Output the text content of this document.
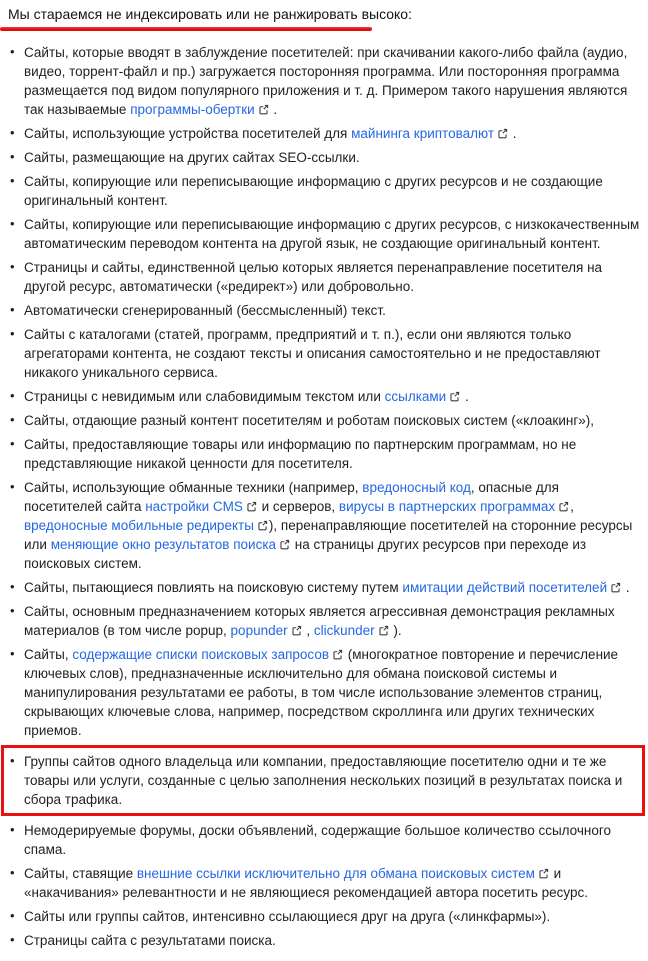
Мы стараемся не индексировать или не ранжировать высоко:
• Сайты, которые вводят в заблуждение посетителей: при скачивании какого-либо файла (аудио, видео, торрент-файл и пр.) загружается посторонняя программа. Или посторонняя программа размещается под видом популярного приложения и т. д. Примером такого нарушения являются так называемые программы-обертки .
• Сайты, использующие устройства посетителей для майнинга криптовалют .
• Сайты, размещающие на других сайтах SEO-ссылки.
• Сайты, копирующие или переписывающие информацию с других ресурсов и не создающие оригинальный контент.
• Сайты, копирующие или переписывающие информацию с других ресурсов, с низкокачественным автоматическим переводом контента на другой язык, не создающие оригинальный контент.
• Страницы и сайты, единственной целью которых является перенаправление посетителя на другой ресурс, автоматически («редирект») или добровольно.
• Автоматически сгенерированный (бессмысленный) текст.
• Сайты с каталогами (статей, программ, предприятий и т. п.), если они являются только агрегаторами контента, не создают тексты и описания самостоятельно и не предоставляют никакого уникального сервиса.
• Страницы с невидимым или слабовидимым текстом или ссылками .
• Сайты, отдающие разный контент посетителям и роботам поисковых систем («клоакинг»),
• Сайты, предоставляющие товары или информацию по партнерским программам, но не представляющие никакой ценности для посетителя.
• Сайты, использующие обманные техники (например, вредоносный код, опасные для посетителей сайта настройки CMS и серверов, вирусы в партнерских программах , вредоносные мобильные редиректы ), перенаправляющие посетителей на сторонние ресурсы или меняющие окно результатов поиска на страницы других ресурсов при переходе из поисковых систем.
• Сайты, пытающиеся повлиять на поисковую систему путем имитации действий посетителей .
• Сайты, основным предназначением которых является агрессивная демонстрация рекламных материалов (в том числе popup, popunder , clickunder ).
• Сайты, содержащие списки поисковых запросов (многократное повторение и перечисление ключевых слов), предназначенные исключительно для обмана поисковой системы и манипулирования результатами ее работы, в том числе использование элементов страниц, скрывающих ключевые слова, например, посредством скроллинга или других технических приемов.
• Группы сайтов одного владельца или компании, предоставляющие посетителю одни и те же товары или услуги, созданные с целью заполнения нескольких позиций в результатах поиска и сбора трафика.
• Немодерируемые форумы, доски объявлений, содержащие большое количество ссылочного спама.
• Сайты, ставящие внешние ссылки исключительно для обмана поисковых систем и «накачивания» релевантности и не являющиеся рекомендацией автора посетить ресурс.
• Сайты или группы сайтов, интенсивно ссылающиеся друг на друга («линкфармы»).
• Страницы сайта с результатами поиска.
